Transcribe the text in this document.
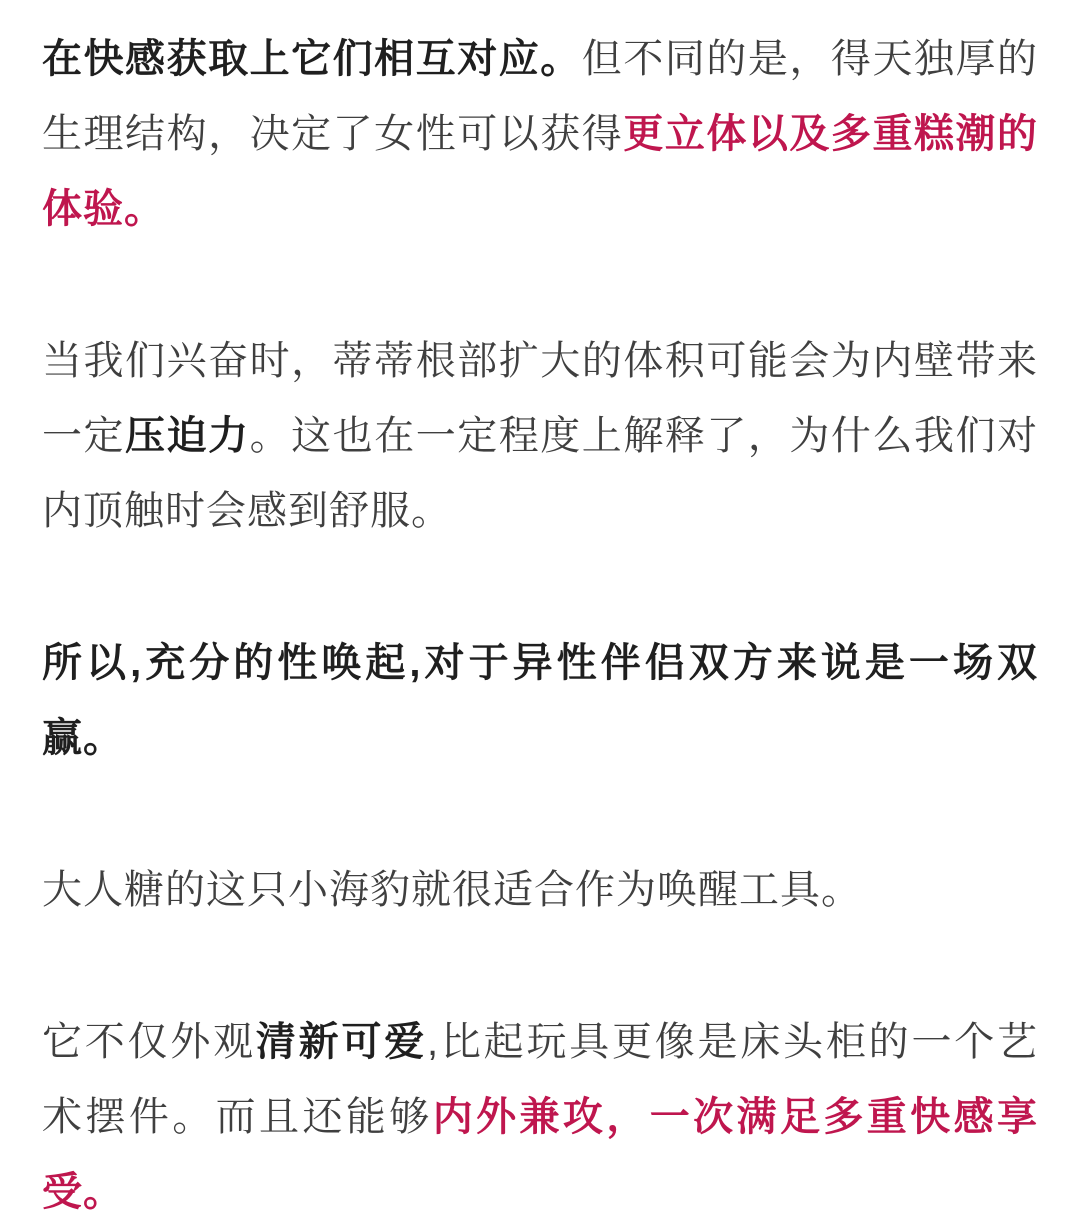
在快感获取上它们相互对应。但不同的是，得天独厚的生理结构，决定了女性可以获得更立体以及多重糕潮的体验。

当我们兴奋时，蒂蒂根部扩大的体积可能会为内壁带来一定压迫力。这也在一定程度上解释了，为什么我们对内顶触时会感到舒服。

所以,充分的性唤起,对于异性伴侣双方来说是一场双赢。

大人糖的这只小海豹就很适合作为唤醒工具。

它不仅外观清新可爱,比起玩具更像是床头柜的一个艺术摆件。而且还能够内外兼攻，一次满足多重快感享受。
